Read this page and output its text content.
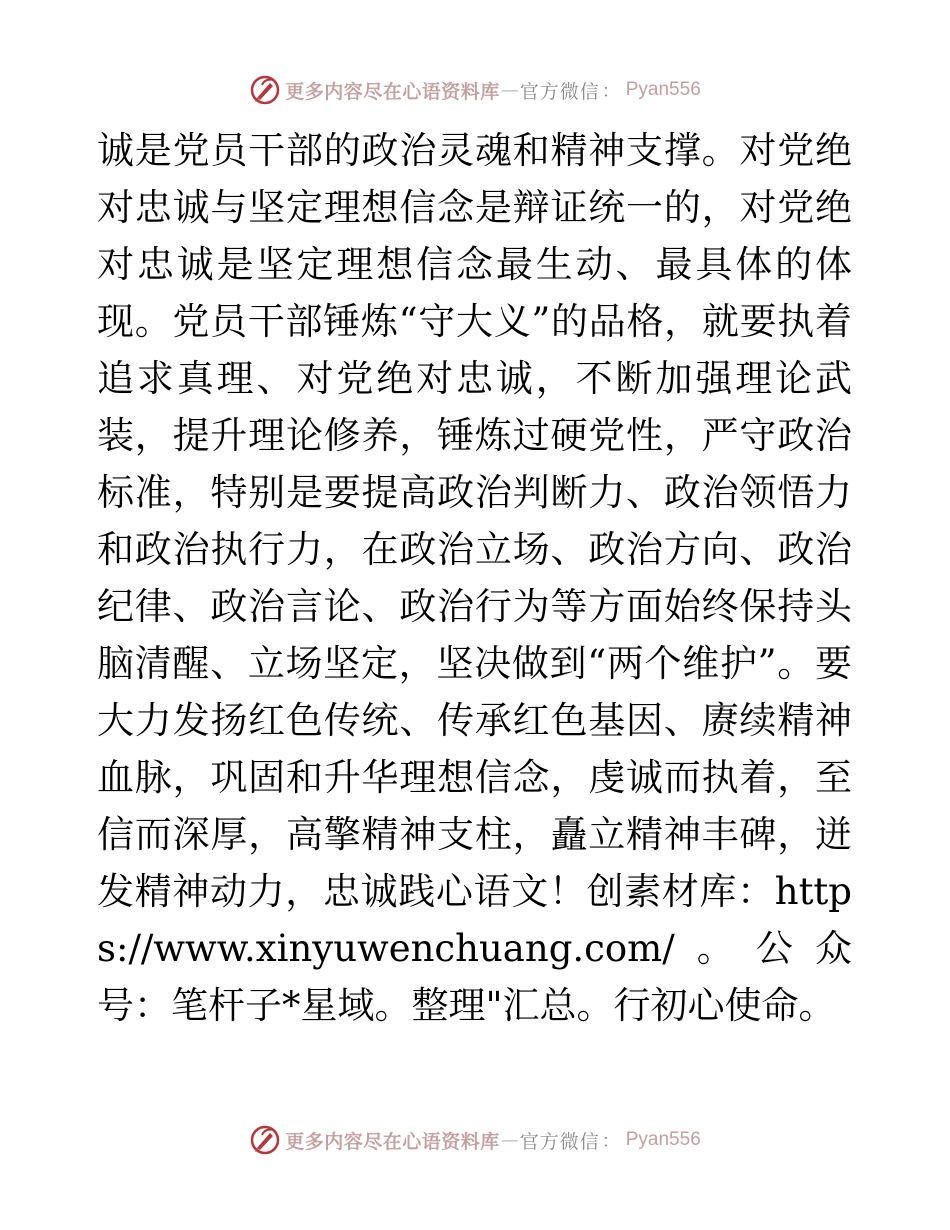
更多内容尽在心语资料库 — 官方微信 ： Pyan556

诚是党员干部的政治灵魂和精神支撑。对党绝对忠诚与坚定理想信念是辩证统一的，对党绝对忠诚是坚定理想信念最生动、最具体的体现。党员干部锤炼“守大义”的品格，就要执着追求真理、对党绝对忠诚，不断加强理论武装，提升理论修养，锤炼过硬党性，严守政治标准，特别是要提高政治判断力、政治领悟力和政治执行力，在政治立场、政治方向、政治纪律、政治言论、政治行为等方面始终保持头脑清醒、立场坚定，坚决做到“两个维护”。要大力发扬红色传统、传承红色基因、赓续精神血脉，巩固和升华理想信念，虔诚而执着，至信而深厚，高擎精神支柱，矗立精神丰碑，迸发精神动力，忠诚践心语文！创素材库：https://www.xinyuwenchuang.com/。公众号：笔杆子*星域。整理"汇总。行初心使命。

更多内容尽在心语资料库 — 官方微信 ： Pyan556
